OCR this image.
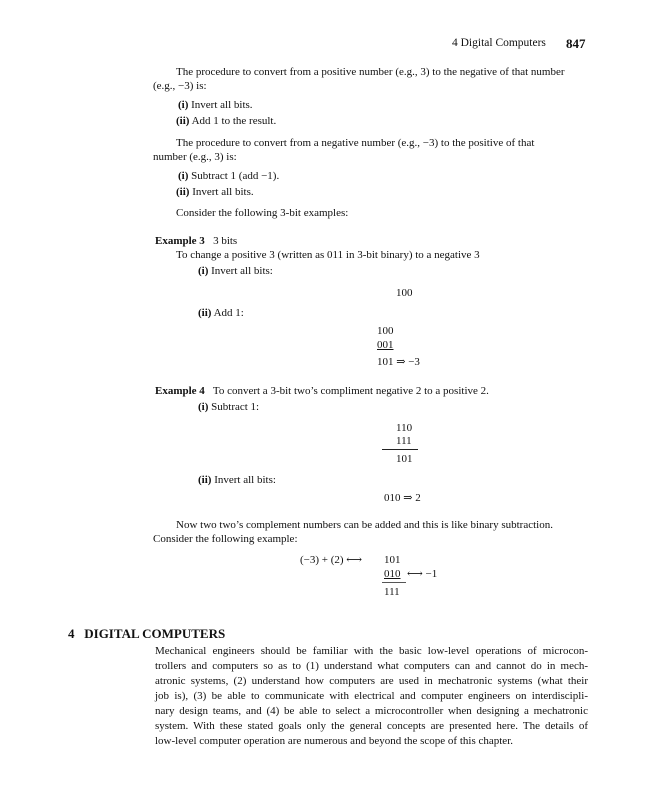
4 Digital Computers 847
The procedure to convert from a positive number (e.g., 3) to the negative of that number
(e.g., −3) is:
(i) Invert all bits.
(ii) Add 1 to the result.
The procedure to convert from a negative number (e.g., −3) to the positive of that
number (e.g., 3) is:
(i) Subtract 1 (add −1).
(ii) Invert all bits.
Consider the following 3-bit examples:
Example 3 3 bits
To change a positive 3 (written as 011 in 3-bit binary) to a negative 3
(i) Invert all bits:
100
(ii) Add 1:
100
001
101 ⇒ −3
Example 4 To convert a 3-bit two’s compliment negative 2 to a positive 2.
(i) Subtract 1:
110
111
101
(ii) Invert all bits:
010 ⇒ 2
Now two two’s complement numbers can be added and this is like binary subtraction.
Consider the following example:
(−3) + (2) ⟷ 101
010 ⟷ −1
111
4 DIGITAL COMPUTERS
Mechanical engineers should be familiar with the basic low-level operations of microcon-
trollers and computers so as to (1) understand what computers can and cannot do in mech-
atronic systems, (2) understand how computers are used in mechatronic systems (what their
job is), (3) be able to communicate with electrical and computer engineers on interdiscipli-
nary design teams, and (4) be able to select a microcontroller when designing a mechatronic
system. With these stated goals only the general concepts are presented here. The details of
low-level computer operation are numerous and beyond the scope of this chapter.
